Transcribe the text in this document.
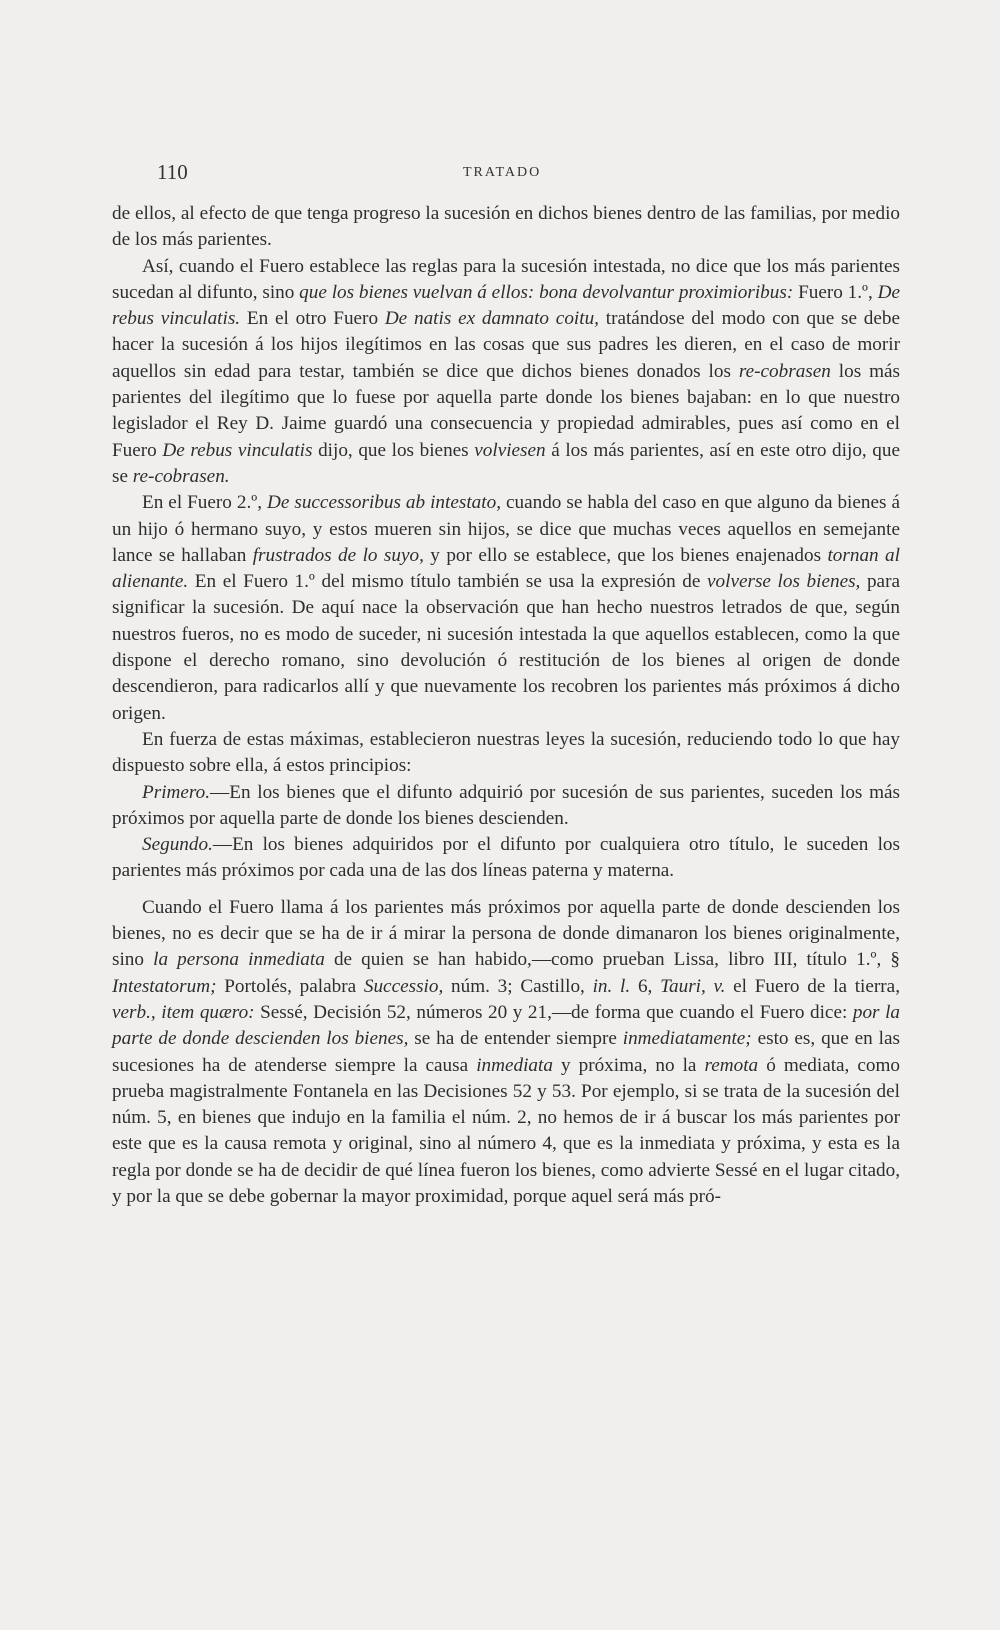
110	TRATADO

de ellos, al efecto de que tenga progreso la sucesión en dichos bienes dentro de las familias, por medio de los más parientes.

Así, cuando el Fuero establece las reglas para la sucesión intestada, no dice que los más parientes sucedan al difunto, sino que los bienes vuelvan á ellos: bona devolvantur proximioribus: Fuero 1.º, De rebus vinculatis. En el otro Fuero De natis ex damnato coitu, tratándose del modo con que se debe hacer la sucesión á los hijos ilegítimos en las cosas que sus padres les dieren, en el caso de morir aquellos sin edad para testar, también se dice que dichos bienes donados los re-cobrasen los más parientes del ilegítimo que lo fuese por aquella parte donde los bienes bajaban: en lo que nuestro legislador el Rey D. Jaime guardó una consecuencia y propiedad admirables, pues así como en el Fuero De rebus vinculatis dijo, que los bienes volviesen á los más parientes, así en este otro dijo, que se re-cobrasen.

En el Fuero 2.º, De successoribus ab intestato, cuando se habla del caso en que alguno da bienes á un hijo ó hermano suyo, y estos mueren sin hijos, se dice que muchas veces aquellos en semejante lance se hallaban frustrados de lo suyo, y por ello se establece, que los bienes enajenados tornan al alienante. En el Fuero 1.º del mismo título también se usa la expresión de volverse los bienes, para significar la sucesión. De aquí nace la observación que han hecho nuestros letrados de que, según nuestros fueros, no es modo de suceder, ni sucesión intestada la que aquellos establecen, como la que dispone el derecho romano, sino devolución ó restitución de los bienes al origen de donde descendieron, para radicarlos allí y que nuevamente los recobren los parientes más próximos á dicho origen.

En fuerza de estas máximas, establecieron nuestras leyes la sucesión, reduciendo todo lo que hay dispuesto sobre ella, á estos principios:

Primero.—En los bienes que el difunto adquirió por sucesión de sus parientes, suceden los más próximos por aquella parte de donde los bienes descienden.

Segundo.—En los bienes adquiridos por el difunto por cualquiera otro título, le suceden los parientes más próximos por cada una de las dos líneas paterna y materna.

Cuando el Fuero llama á los parientes más próximos por aquella parte de donde descienden los bienes, no es decir que se ha de ir á mirar la persona de donde dimanaron los bienes originalmente, sino la persona inmediata de quien se han habido,—como prueban Lissa, libro III, título 1.º, § Intestatorum; Portolés, palabra Successio, núm. 3; Castillo, in. l. 6, Tauri, v. el Fuero de la tierra, verb., item quæro: Sessé, Decisión 52, números 20 y 21,—de forma que cuando el Fuero dice: por la parte de donde descienden los bienes, se ha de entender siempre inmediatamente; esto es, que en las sucesiones ha de atenderse siempre la causa inmediata y próxima, no la remota ó mediata, como prueba magistralmente Fontanela en las Decisiones 52 y 53. Por ejemplo, si se trata de la sucesión del núm. 5, en bienes que indujo en la familia el núm. 2, no hemos de ir á buscar los más parientes por este que es la causa remota y original, sino al número 4, que es la inmediata y próxima, y esta es la regla por donde se ha de decidir de qué línea fueron los bienes, como advierte Sessé en el lugar citado, y por la que se debe gobernar la mayor proximidad, porque aquel será más pró-
